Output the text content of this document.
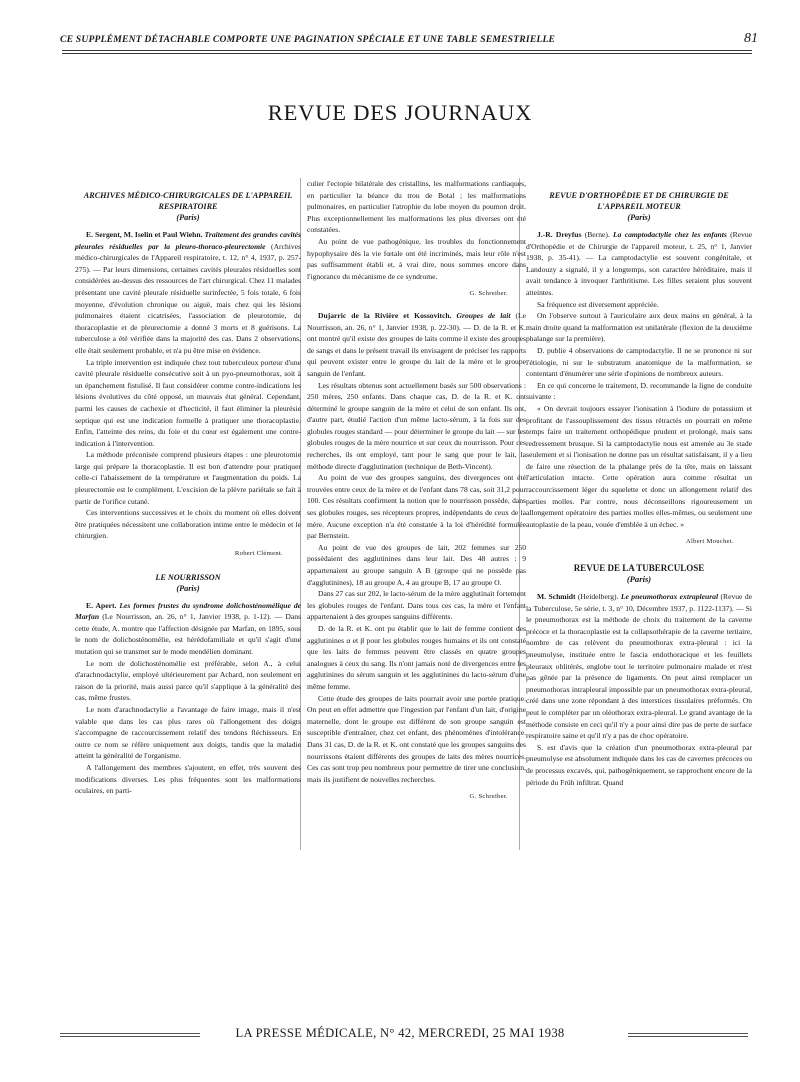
CE SUPPLÉMENT DÉTACHABLE COMPORTE UNE PAGINATION SPÉCIALE ET UNE TABLE SEMESTRIELLE	81
REVUE DES JOURNAUX
ARCHIVES MÉDICO-CHIRURGICALES DE L'APPAREIL RESPIRATOIRE
(Paris)

E. Sergent, M. Iselin et Paul Wiehn. Traitement des grandes cavités pleurales résiduelles par la pleuro-thoraco-pleurectomie (Archives médico-chirurgicales de l'Appareil respiratoire, t. 12, n° 4, 1937, p. 257-275). — Par leurs dimensions, certaines cavités pleurales résiduelles sont considérées au-dessus des ressources de l'art chirurgical. Chez 11 malades présentant une cavité pleurale résiduelle surinfectée, 5 fois totale, 6 fois moyenne, d'évolution chronique ou aiguë, mais chez qui les lésions pulmonaires étaient cicatrisées, l'association de pleurotomie, de thoracoplastie et de pleurectomie a donné 3 morts et 8 guérisons. La tuberculose a été vérifiée dans la majorité des cas. Dans 2 observations, elle était seulement probable, et n'a pu être mise en évidence.

La triple intervention est indiquée chez tout tuberculeux porteur d'une cavité pleurale résiduelle consécutive soit à un pyo-pneumothorax, soit à un épanchement fistulisé. Il faut considérer comme contre-indications les lésions évolutives du côté opposé, un mauvais état général. Cependant, parmi les causes de cachexie et d'hecticité, il faut éliminer la pleurésie septique qui est une indication formelle à pratiquer une thoracoplastie. Enfin, l'atteinte des reins, du foie et du cœur est également une contre-indication à l'intervention.

La méthode préconisée comprend plusieurs étapes : une pleurotomie large qui prépare la thoracoplastie. Il est bon d'attendre pour pratiquer celle-ci l'abaissement de la température et l'augmentation du poids. La pleurectomie est le complément. L'excision de la plèvre pariétale se fait à partir de l'orifice cutané.

Ces interventions successives et le choix du moment où elles doivent être pratiquées nécessitent une collaboration intime entre le médecin et le chirurgien.

Robert Clément.

LE NOURRISSON
(Paris)

E. Apert. Les formes frustes du syndrome dolichosténomélique de Marfan (Le Nourrisson, an. 26, n° 1, Janvier 1938, p. 1-12). — Dans cette étude, A. montre que l'affection désignée par Marfan, en 1895, sous le nom de dolichosténomélie, est hérédofamiliale et qu'il s'agit d'une mutation qui se transmet sur le mode mendélien dominant.

Le nom de dolichosténomélie est préférable, selon A., à celui d'arachnodactylie, employé ultérieurement par Achard, non seulement en raison de la priorité, mais aussi parce qu'il s'applique à la généralité des cas, même frustes.

Le nom d'arachnodactylie a l'avantage de faire image, mais il n'est valable que dans les cas plus rares où l'allongement des doigts s'accompagne de raccourcissement relatif des tendons fléchisseurs. En outre ce nom se réfère uniquement aux doigts, tandis que la maladie atteint la généralité de l'organisme.

A l'allongement des membres s'ajoutent, en effet, très souvent des modifications diverses. Les plus fréquentes sont les malformations oculaires, en parti-

culier l'ectopie bilatérale des cristallins, les malformations cardiaques, en particulier la béance du trou de Botal ; les malformations pulmonaires, en particulier l'atrophie du lobe moyen du poumon droit. Plus exceptionnellement les malformations les plus diverses ont été constatées.

Au point de vue pathogénique, les troubles du fonctionnement hypophysaire dès la vie fœtale ont été incriminés, mais leur rôle n'est pas suffisamment établi et, à vrai dire, nous sommes encore dans l'ignorance du mécanisme de ce syndrome.

G. Schreiber.

Dujarric de la Rivière et Kossovitch. Groupes de lait (Le Nourrisson, an. 26, n° 1, Janvier 1938, p. 22-30). — D. de la R. et K. ont montré qu'il existe des groupes de laits comme il existe des groupes de sangs et dans le présent travail ils envisagent de préciser les rapports qui peuvent exister entre le groupe du lait de la mère et le groupe sanguin de l'enfant.

Les résultats obtenus sont actuellement basés sur 500 observations : 250 mères, 250 enfants. Dans chaque cas, D. de la R. et K. ont déterminé le groupe sanguin de la mère et celui de son enfant. Ils ont, d'autre part, étudié l'action d'un même lacto-sérum, à la fois sur des globules rouges standard — pour déterminer le groupe du lait — sur les globules rouges de la mère nourrice et sur ceux du nourrisson. Pour ces recherches, ils ont employé, tant pour le sang que pour le lait, la méthode directe d'agglutination (technique de Beth-Vincent).

Au point de vue des groupes sanguins, des divergences ont été trouvées entre ceux de la mère et de l'enfant dans 78 cas, soit 31,2 pour 100. Ces résultats confirment la notion que le nourrisson possède, dans ses globules rouges, ses récepteurs propres, indépendants de ceux de la mère. Aucune exception n'a été constatée à la loi d'hérédité formulée par Bernstein.

Au point de vue des groupes de lait, 202 femmes sur 250 possédaient des agglutinines dans leur lait. Des 48 autres : 9 appartenaient au groupe sanguin A B (groupe qui ne possède pas d'agglutinines), 18 au groupe A, 4 au groupe B, 17 au groupe O.

Dans 27 cas sur 202, le lacto-sérum de la mère agglutinait fortement les globules rouges de l'enfant. Dans tous ces cas, la mère et l'enfant appartenaient à des groupes sanguins différents.

D. de la R. et K. ont pu établir que le lait de femme contient des agglutinines α et β pour les globules rouges humains et ils ont constaté que les laits de femmes peuvent être classés en quatre groupes analogues à ceux du sang. Ils n'ont jamais noté de divergences entre les agglutinines du sérum sanguin et les agglutinines du lacto-sérum d'une même femme.

Cette étude des groupes de laits pourrait avoir une portée pratique. On peut en effet admettre que l'ingestion par l'enfant d'un lait, d'origine maternelle, dont le groupe est différent de son groupe sanguin est susceptible d'entraîner, chez cet enfant, des phénomènes d'intolérance. Dans 31 cas, D. de la R. et K. ont constaté que les groupes sanguins des nourrissons étaient différents des groupes de laits des mères nourrices. Ces cas sont trop peu nombreux pour permettre de tirer une conclusion, mais ils justifient de nouvelles recherches.

G. Schreiber.

REVUE D'ORTHOPÉDIE ET DE CHIRURGIE DE L'APPAREIL MOTEUR
(Paris)

J.-R. Dreyfus (Berne). La camptodactylie chez les enfants (Revue d'Orthopédie et de Chirurgie de l'appareil moteur, t. 25, n° 1, Janvier 1938, p. 35-41). — La camptodactylie est souvent congénitale, et Landouzy a signalé, il y a longtemps, son caractère héréditaire, mais il avait tendance à invoquer l'arthritisme. Les filles seraient plus souvent atteintes.

Sa fréquence est diversement appréciée.

On l'observe surtout à l'auriculaire aux deux mains en général, à la main droite quand la malformation est unilatérale (flexion de la deuxième phalange sur la première).

D. publie 4 observations de camptodactylie. Il ne se prononce ni sur l'étiologie, ni sur le substratum anatomique de la malformation, se contentant d'énumérer une série d'opinions de nombreux auteurs.

En ce qui concerne le traitement, D. recommande la ligne de conduite suivante :

« On devrait toujours essayer l'ionisation à l'iodure de potassium et profitant de l'assouplissement des tissus rétractés on pourrait en même temps faire un traitement orthopédique prudent et prolongé, mais sans redressement brusque. Si la camptodactylie nous est amenée au 3e stade seulement et si l'ionisation ne donne pas un résultat satisfaisant, il y a lieu de faire une résection de la phalange près de la tête, mais en laissant l'articulation intacte. Cette opération aura comme résultat un raccourcissement léger du squelette et donc un allongement relatif des parties molles. Par contre, nous déconseillons rigoureusement un allongement opératoire des parties molles elles-mêmes, ou seulement une autoplastie de la peau, vouée d'emblée à un échec. »

Albert Mouchet.

REVUE DE LA TUBERCULOSE
(Paris)

M. Schmidt (Heidelberg). Le pneumothorax extrapleural (Revue de la Tuberculose, 5e série, t. 3, n° 10, Décembre 1937, p. 1122-1137). — Si le pneumothorax est la méthode de choix du traitement de la caverne précoce et la thoracoplastie est la collapsothérapie de la caverne tertiaire, nombre de cas relèvent du pneumothorax extra-pleural : ici la pneumolyse, instituée entre le fascia endothoracique et les feuillets pleuraux oblitérés, englobe tout le territoire pulmonaire malade et n'est pas gênée par la présence de ligaments. On peut ainsi remplacer un pneumothorax intrapleural impossible par un pneumothorax extra-pleural, créé dans une zone répondant à des interstices tissulaires préformés. On peut le compléter par un oléothorax extra-pleural. Le grand avantage de la méthode consiste en ceci qu'il n'y a pour ainsi dire pas de perte de surface respiratoire saine et qu'il n'y a pas de choc opératoire.

S. est d'avis que la création d'un pneumothorax extra-pleural par pneumolyse est absolument indiquée dans les cas de cavernes précoces ou de processus excavés, qui, pathogéniquement, se rapprochent encore de la période du Früh infiltrat. Quand

LA PRESSE MÉDICALE, N° 42, MERCREDI, 25 MAI 1938
